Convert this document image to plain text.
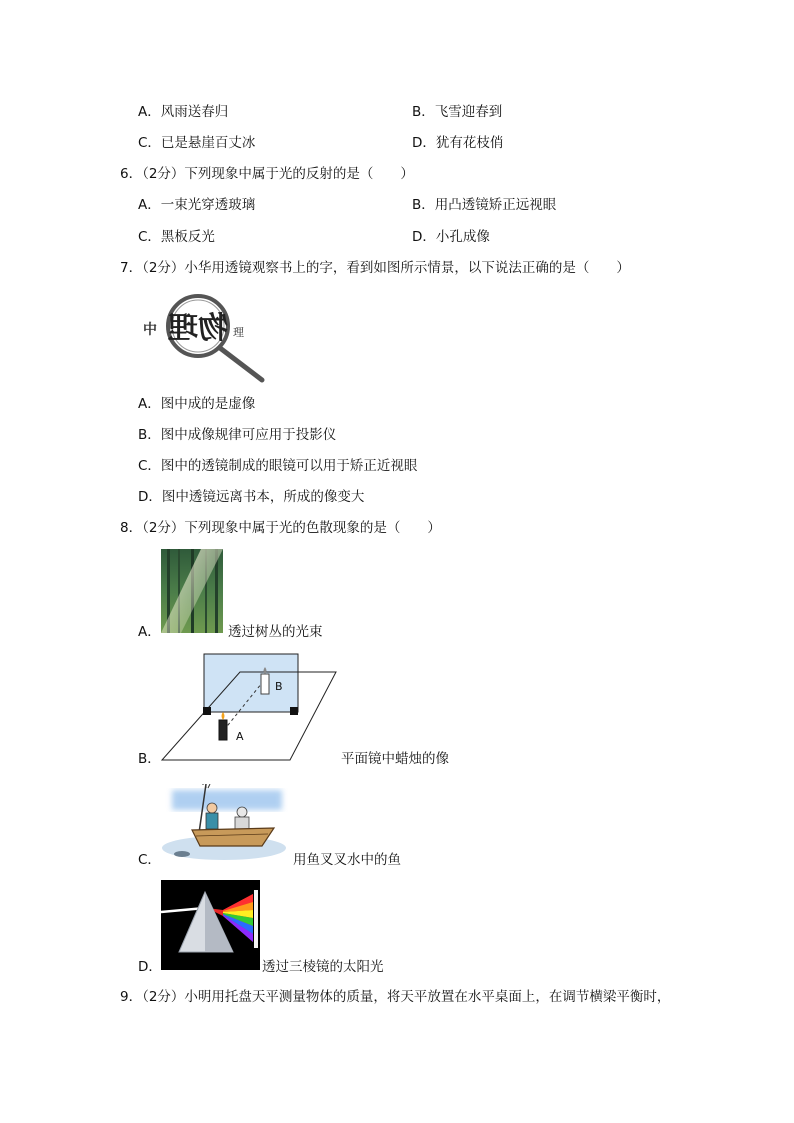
A．风雨送春归	B．飞雪迎春到
C．已是悬崖百丈冰	D．犹有花枝俏
6．（2分）下列现象中属于光的反射的是（　　）
A．一束光穿透玻璃	B．用凸透镜矫正远视眼
C．黑板反光	D．小孔成像
7．（2分）小华用透镜观察书上的字，看到如图所示情景，以下说法正确的是（　　）
中 物理 理
A．图中成的是虚像
B．图中成像规律可应用于投影仪
C．图中的透镜制成的眼镜可以用于矫正近视眼
D．图中透镜远离书本，所成的像变大
8．（2分）下列现象中属于光的色散现象的是（　　）
A．	透过树丛的光束
B
A
B．	平面镜中蜡烛的像
C．	用鱼叉叉水中的鱼
D．	透过三棱镜的太阳光
9．（2分）小明用托盘天平测量物体的质量，将天平放置在水平桌面上，在调节横梁平衡时，
